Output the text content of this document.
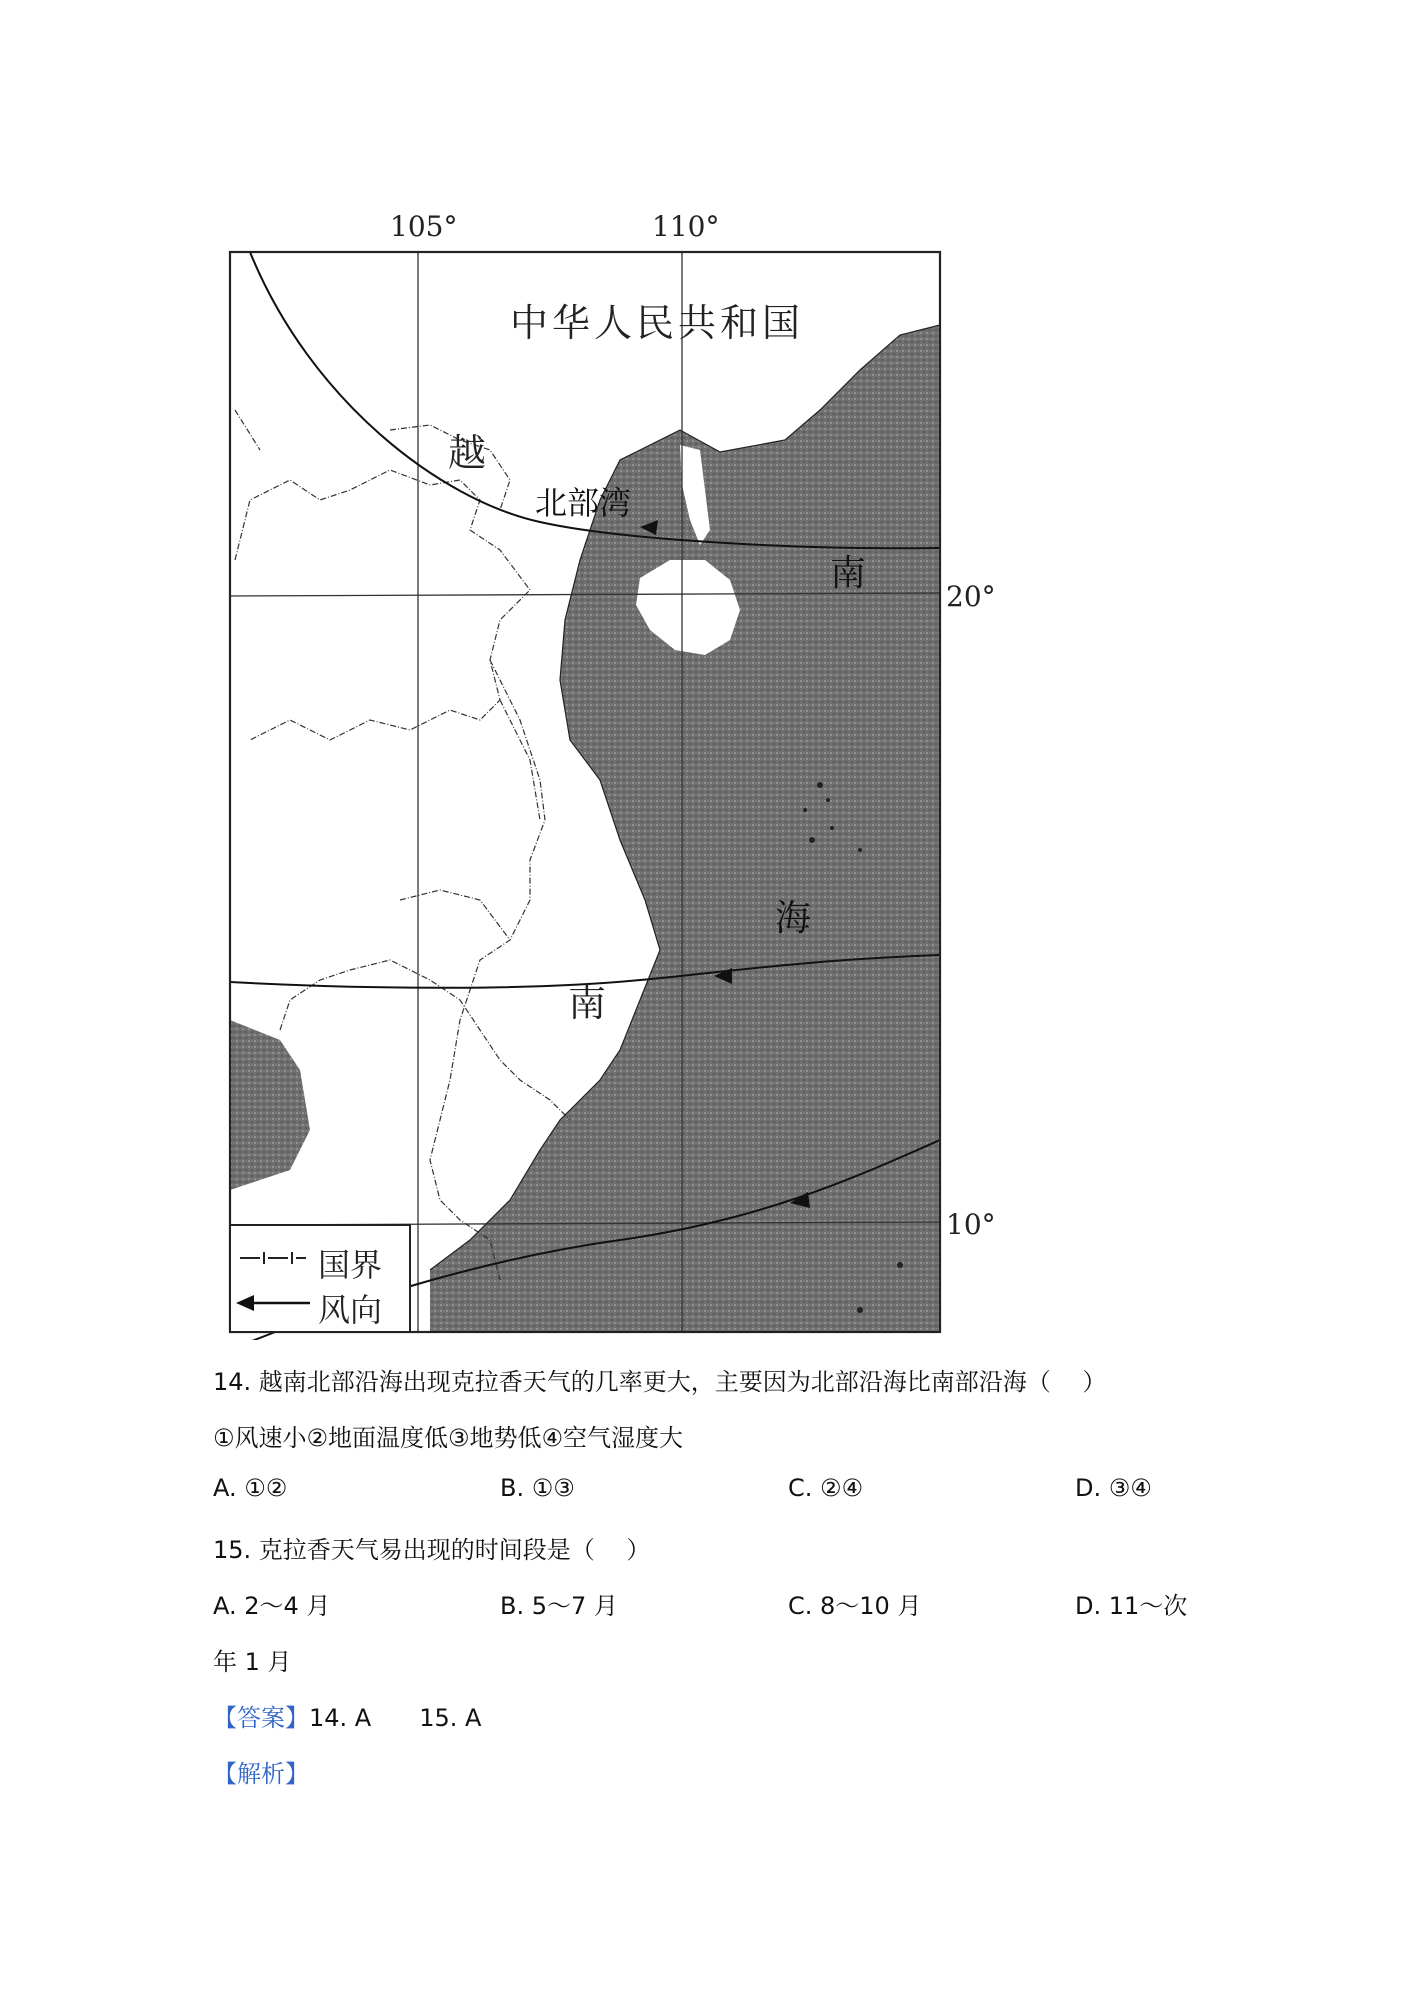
105°	110°
20°
10°
中华人民共和国
越
北部湾
南
海
南
国界
风向
14. 越南北部沿海出现克拉香天气的几率更大，主要因为北部沿海比南部沿海（　 ）
①风速小②地面温度低③地势低④空气湿度大
A. ①②	B. ①③	C. ②④	D. ③④
15. 克拉香天气易出现的时间段是（　 ）
A. 2～4 月	B. 5～7 月	C. 8～10 月	D. 11～次
年 1 月
【答案】14. A　　15. A
【解析】
